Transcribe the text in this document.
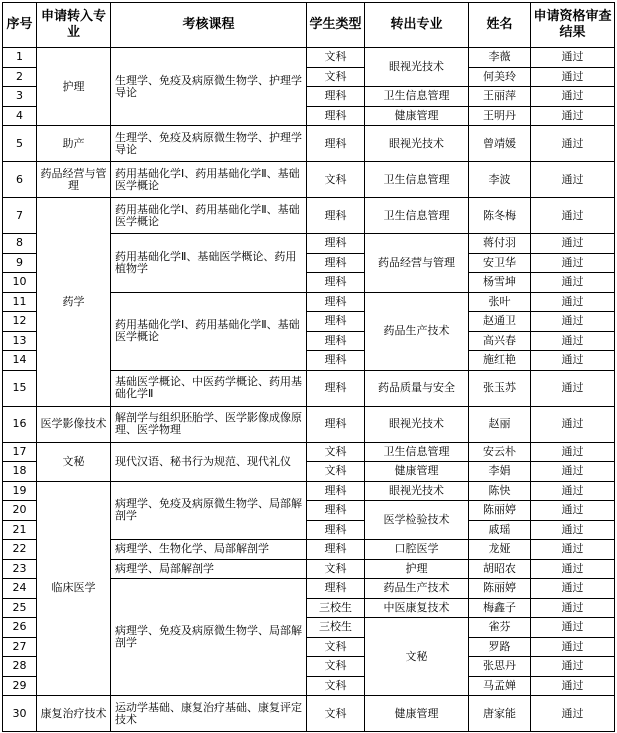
序号	申请转入专业	考核课程	学生类型	转出专业	姓名	申请资格审查结果
1	护理	生理学、免疫及病原微生物学、护理学导论	文科	眼视光技术	李薇	通过
2			文科		何美玲	通过
3			理科	卫生信息管理	王丽萍	通过
4			理科	健康管理	王明丹	通过
5	助产	生理学、免疫及病原微生物学、护理学导论	理科	眼视光技术	曾靖媛	通过
6	药品经营与管理	药用基础化学Ⅰ、药用基础化学Ⅱ、基础医学概论	文科	卫生信息管理	李波	通过
7	药学	药用基础化学Ⅰ、药用基础化学Ⅱ、基础医学概论	理科	卫生信息管理	陈冬梅	通过
8		药用基础化学Ⅱ、基础医学概论、药用植物学	理科	药品经营与管理	蒋付羽	通过
9			理科		安卫华	通过
10			理科		杨雪坤	通过
11		药用基础化学Ⅰ、药用基础化学Ⅱ、基础医学概论	理科	药品生产技术	张叶	通过
12			理科		赵通卫	通过
13			理科		高兴春	通过
14			理科		施红艳	通过
15		基础医学概论、中医药学概论、药用基础化学Ⅱ	理科	药品质量与安全	张玉苏	通过
16	医学影像技术	解剖学与组织胚胎学、医学影像成像原理、医学物理	理科	眼视光技术	赵丽	通过
17	文秘	现代汉语、秘书行为规范、现代礼仪	文科	卫生信息管理	安云朴	通过
18			文科	健康管理	李娟	通过
19	临床医学	病理学、免疫及病原微生物学、局部解剖学	理科	眼视光技术	陈快	通过
20			理科	医学检验技术	陈丽婷	通过
21			理科		戚瑶	通过
22		病理学、生物化学、局部解剖学	理科	口腔医学	龙娅	通过
23		病理学、局部解剖学	文科	护理	胡昭农	通过
24		病理学、免疫及病原微生物学、局部解剖学	理科	药品生产技术	陈丽婷	通过
25			三校生	中医康复技术	梅鑫子	通过
26			三校生	文秘	雀芬	通过
27			文科		罗路	通过
28			文科		张思丹	通过
29			文科		马孟婵	通过
30	康复治疗技术	运动学基础、康复治疗基础、康复评定技术	文科	健康管理	唐家能	通过
